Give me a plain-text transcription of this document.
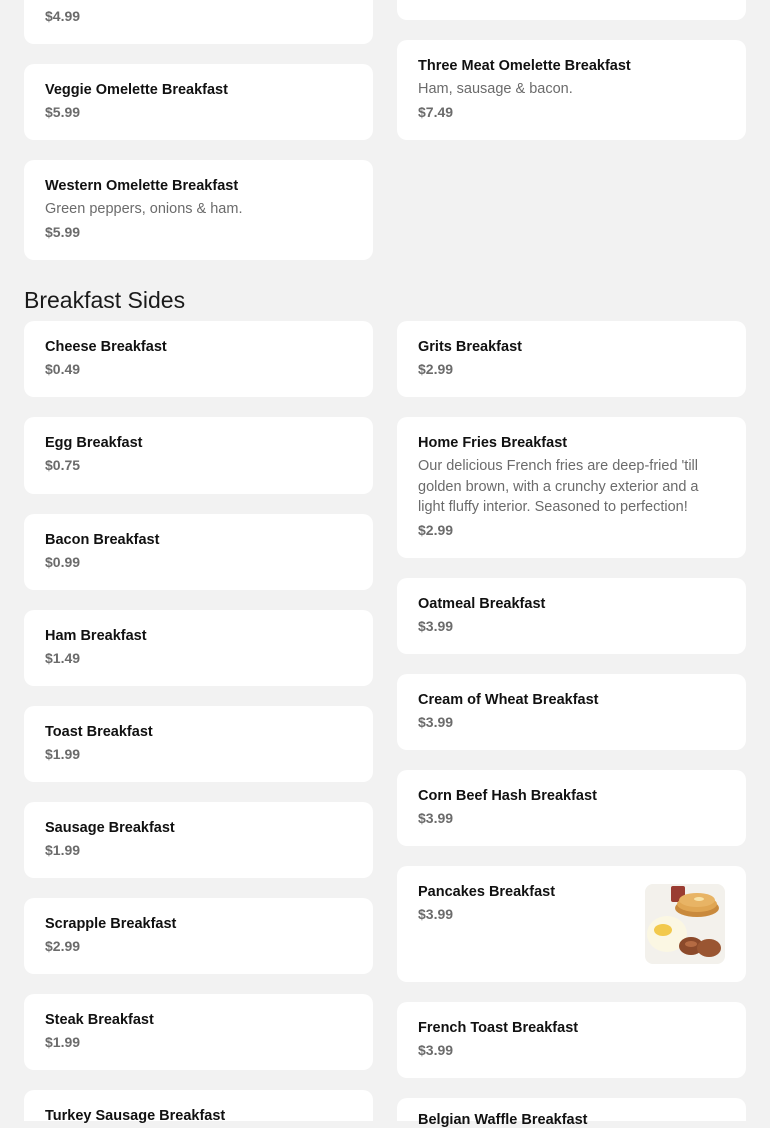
$4.99
Veggie Omelette Breakfast
$5.99
Three Meat Omelette Breakfast
Ham, sausage & bacon.
$7.49
Western Omelette Breakfast
Green peppers, onions & ham.
$5.99
Breakfast Sides
Cheese Breakfast
$0.49
Egg Breakfast
$0.75
Bacon Breakfast
$0.99
Ham Breakfast
$1.49
Toast Breakfast
$1.99
Sausage Breakfast
$1.99
Scrapple Breakfast
$2.99
Steak Breakfast
$1.99
Turkey Sausage Breakfast
Grits Breakfast
$2.99
Home Fries Breakfast
Our delicious French fries are deep-fried 'till golden brown, with a crunchy exterior and a light fluffy interior. Seasoned to perfection!
$2.99
Oatmeal Breakfast
$3.99
Cream of Wheat Breakfast
$3.99
Corn Beef Hash Breakfast
$3.99
Pancakes Breakfast
$3.99
French Toast Breakfast
$3.99
Belgian Waffle Breakfast
